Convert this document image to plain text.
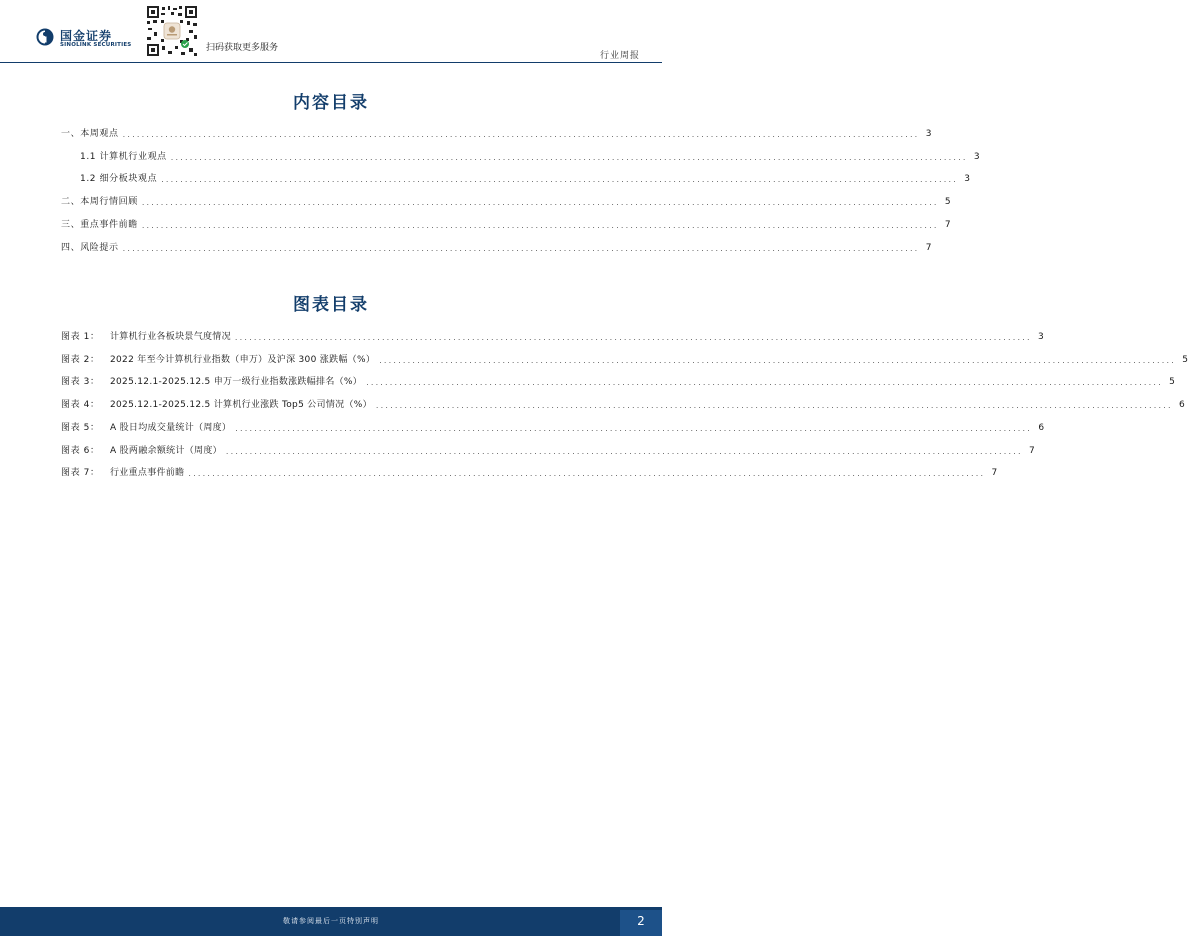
国金证券
SINOLINK SECURITIES	扫码获取更多服务
行业周报
内容目录
一、本周观点 ........................................................................................................................................................................ 3
1.1 计算机行业观点 ........................................................................................................................................................................ 3
1.2 细分板块观点 ........................................................................................................................................................................ 3
二、本周行情回顾 ........................................................................................................................................................................ 5
三、重点事件前瞻 ........................................................................................................................................................................ 7
四、风险提示 ........................................................................................................................................................................ 7
图表目录
图表 1：	计算机行业各板块景气度情况 ........................................................................................................................................................................ 3
图表 2：	2022 年至今计算机行业指数（申万）及沪深 300 涨跌幅（%） ........................................................................................................................................................................ 5
图表 3：	2025.12.1-2025.12.5 申万一级行业指数涨跌幅排名（%） ........................................................................................................................................................................ 5
图表 4：	2025.12.1-2025.12.5 计算机行业涨跌 Top5 公司情况（%） ........................................................................................................................................................................ 6
图表 5：	A 股日均成交量统计（周度） ........................................................................................................................................................................ 6
图表 6：	A 股两融余额统计（周度） ........................................................................................................................................................................ 7
图表 7：	行业重点事件前瞻 ........................................................................................................................................................................ 7
敬请参阅最后一页特别声明	2
